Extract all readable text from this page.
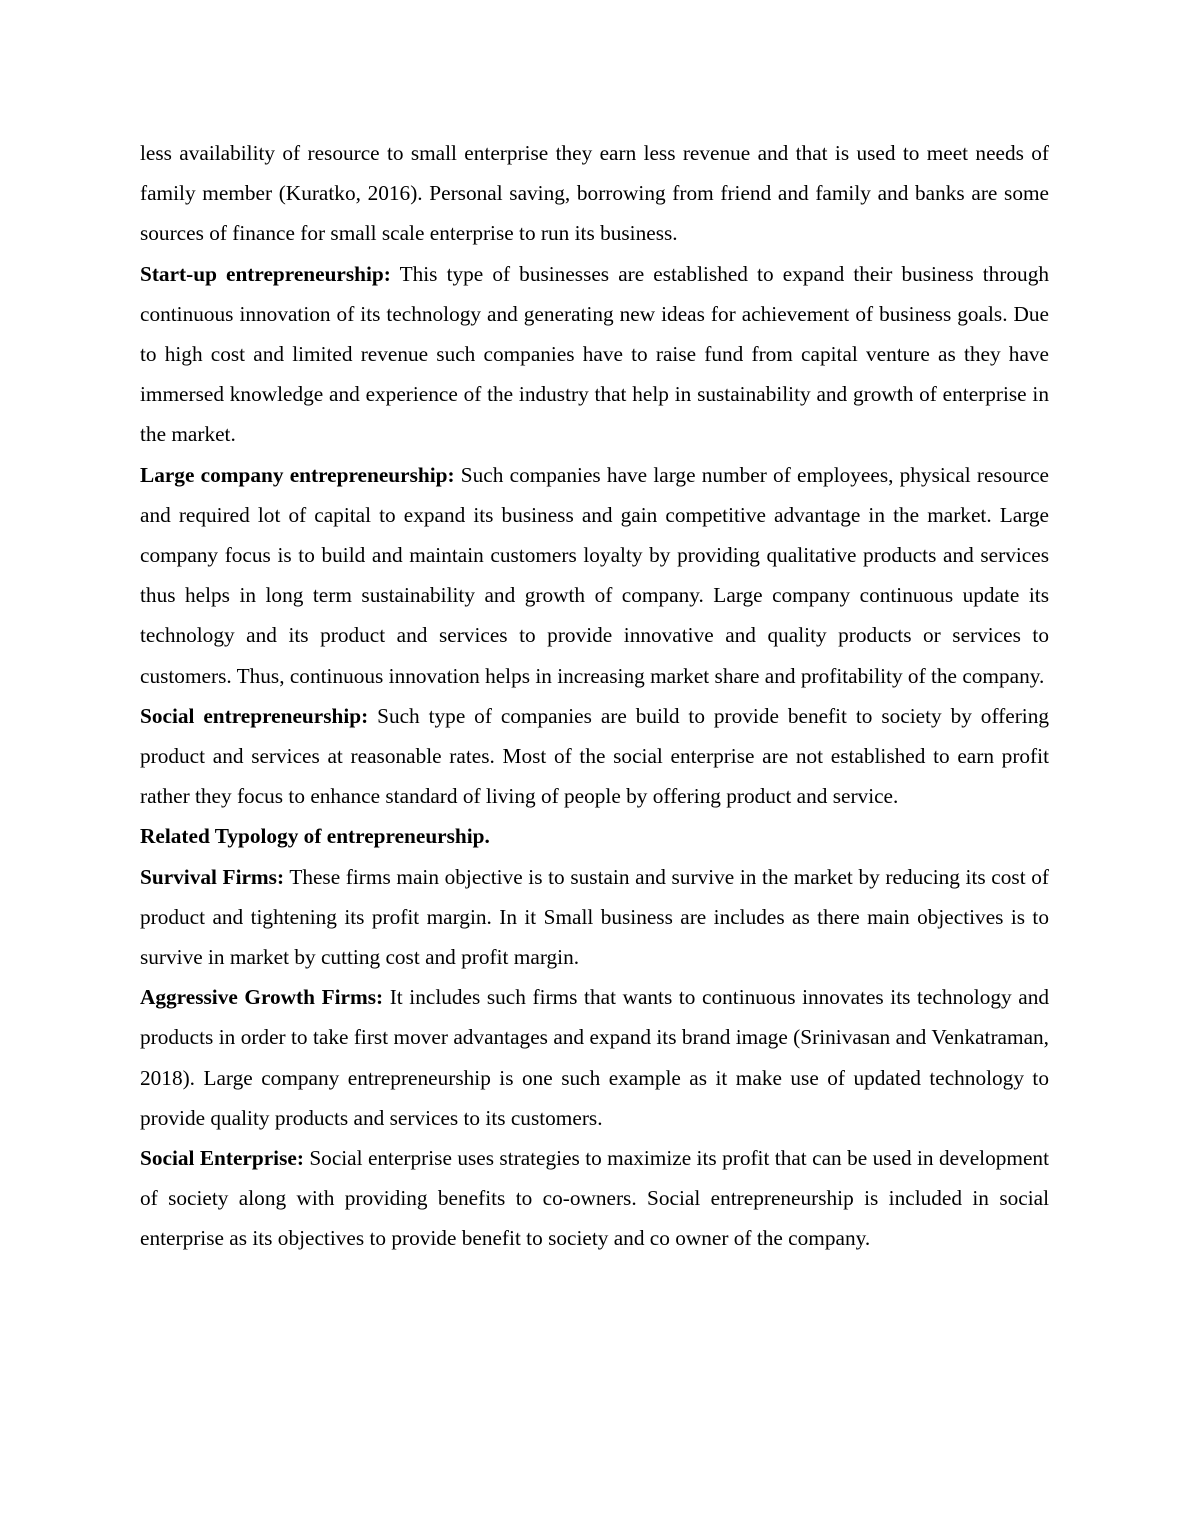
less availability of resource to small enterprise they earn less revenue and that is used to meet needs of family member (Kuratko, 2016). Personal saving, borrowing from friend and family and banks are some sources of finance for small scale enterprise to run its business.

Start-up entrepreneurship: This type of businesses are established to expand their business through continuous innovation of its technology and generating new ideas for achievement of business goals. Due to high cost and limited revenue such companies have to raise fund from capital venture as they have immersed knowledge and experience of the industry that help in sustainability and growth of enterprise in the market.

Large company entrepreneurship: Such companies have large number of employees, physical resource and required lot of capital to expand its business and gain competitive advantage in the market. Large company focus is to build and maintain customers loyalty by providing qualitative products and services thus helps in long term sustainability and growth of company. Large company continuous update its technology and its product and services to provide innovative and quality products or services to customers. Thus, continuous innovation helps in increasing market share and profitability of the company.

Social entrepreneurship: Such type of companies are build to provide benefit to society by offering product and services at reasonable rates. Most of the social enterprise are not established to earn profit rather they focus to enhance standard of living of people by offering product and service.

Related Typology of entrepreneurship.

Survival Firms: These firms main objective is to sustain and survive in the market by reducing its cost of product and tightening its profit margin. In it Small business are includes as there main objectives is to survive in market by cutting cost and profit margin.

Aggressive Growth Firms: It includes such firms that wants to continuous innovates its technology and products in order to take first mover advantages and expand its brand image (Srinivasan and Venkatraman, 2018). Large company entrepreneurship is one such example as it make use of updated technology to provide quality products and services to its customers.

Social Enterprise: Social enterprise uses strategies to maximize its profit that can be used in development of society along with providing benefits to co-owners. Social entrepreneurship is included in social enterprise as its objectives to provide benefit to society and co owner of the company.
